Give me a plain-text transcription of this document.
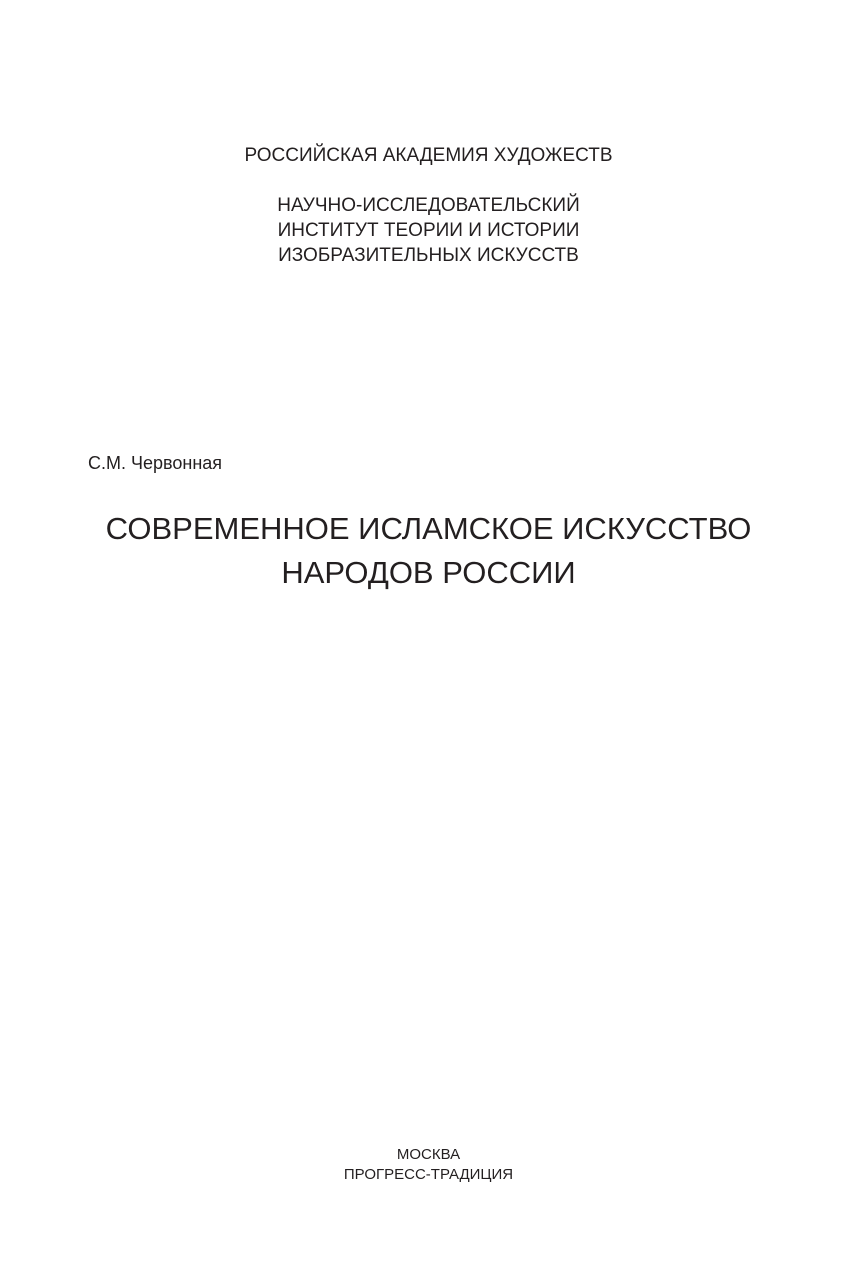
РОССИЙСКАЯ АКАДЕМИЯ ХУДОЖЕСТВ

НАУЧНО-ИССЛЕДОВАТЕЛЬСКИЙ

ИНСТИТУТ ТЕОРИИ И ИСТОРИИ

ИЗОБРАЗИТЕЛЬНЫХ ИСКУССТВ

С.М. Червонная

СОВРЕМЕННОЕ ИСЛАМСКОЕ ИСКУССТВО
НАРОДОВ РОССИИ

МОСКВА

ПРОГРЕСС-ТРАДИЦИЯ
